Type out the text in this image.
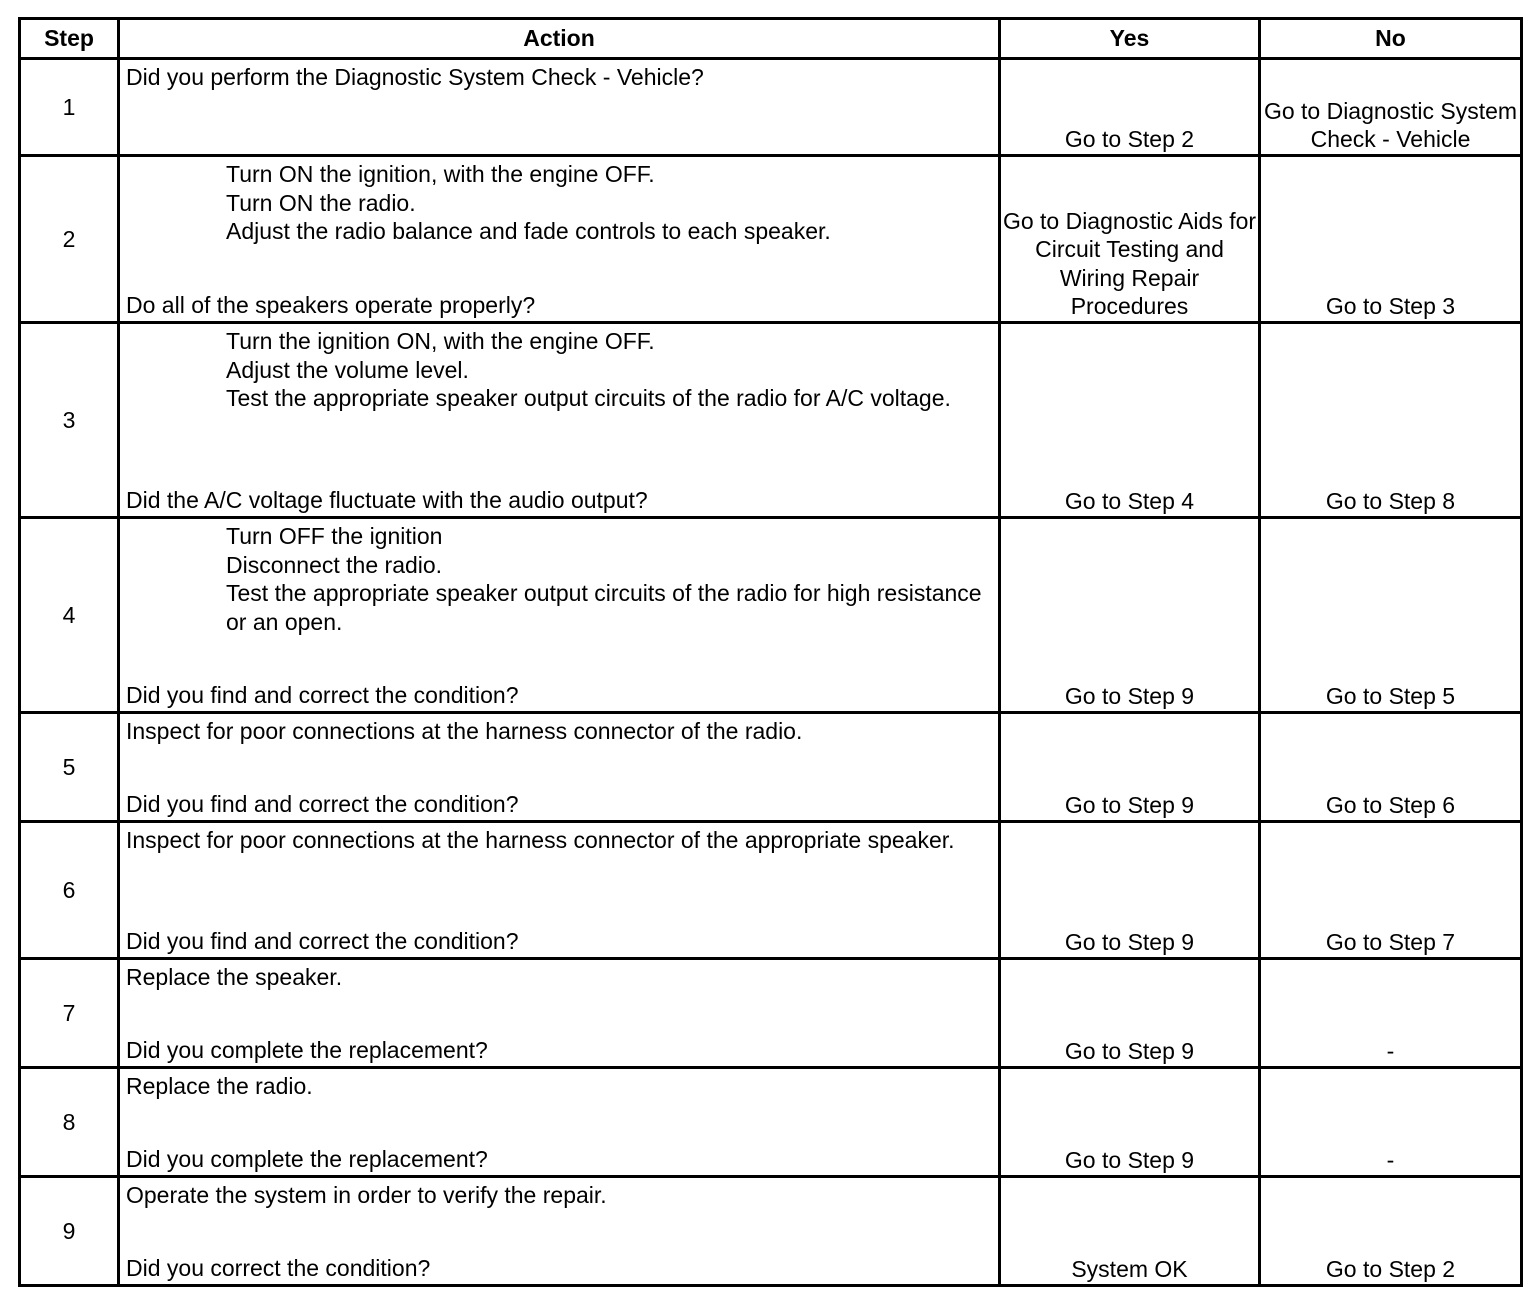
Step	Action	Yes	No
1	Did you perform the Diagnostic System Check - Vehicle?	Go to Step 2	Go to Diagnostic System Check - Vehicle
2	Turn ON the ignition, with the engine OFF.
Turn ON the radio.
Adjust the radio balance and fade controls to each speaker.
Do all of the speakers operate properly?	Go to Diagnostic Aids for Circuit Testing and Wiring Repair Procedures	Go to Step 3
3	Turn the ignition ON, with the engine OFF.
Adjust the volume level.
Test the appropriate speaker output circuits of the radio for A/C voltage.
Did the A/C voltage fluctuate with the audio output?	Go to Step 4	Go to Step 8
4	Turn OFF the ignition
Disconnect the radio.
Test the appropriate speaker output circuits of the radio for high resistance or an open.
Did you find and correct the condition?	Go to Step 9	Go to Step 5
5	Inspect for poor connections at the harness connector of the radio.
Did you find and correct the condition?	Go to Step 9	Go to Step 6
6	Inspect for poor connections at the harness connector of the appropriate speaker.
Did you find and correct the condition?	Go to Step 9	Go to Step 7
7	Replace the speaker.
Did you complete the replacement?	Go to Step 9	-
8	Replace the radio.
Did you complete the replacement?	Go to Step 9	-
9	Operate the system in order to verify the repair.
Did you correct the condition?	System OK	Go to Step 2
